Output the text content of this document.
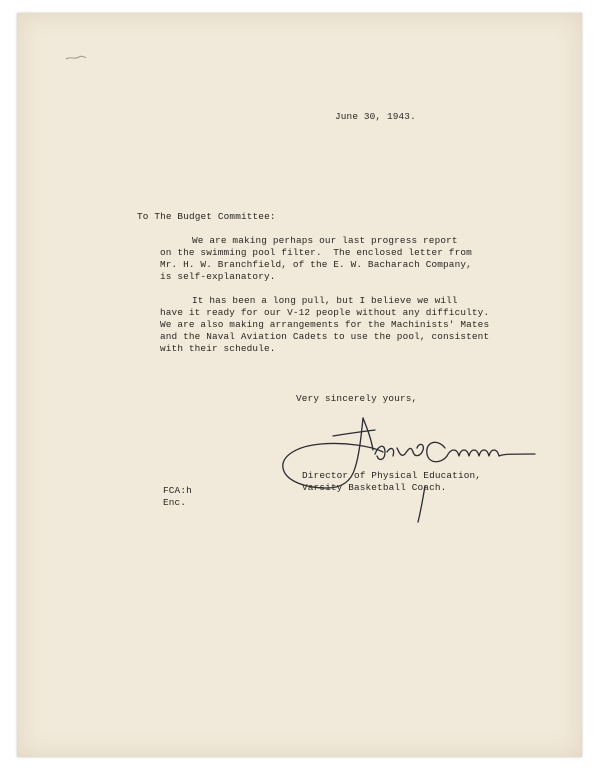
June 30, 1943.
To The Budget Committee:
We are making perhaps our last progress report
on the swimming pool filter.  The enclosed letter from
Mr. H. W. Branchfield, of the E. W. Bacharach Company,
is self-explanatory.
It has been a long pull, but I believe we will
have it ready for our V-12 people without any difficulty.
We are also making arrangements for the Machinists' Mates
and the Naval Aviation Cadets to use the pool, consistent
with their schedule.
Very sincerely yours,
Director of Physical Education,
Varsity Basketball Coach.
FCA:h
Enc.
